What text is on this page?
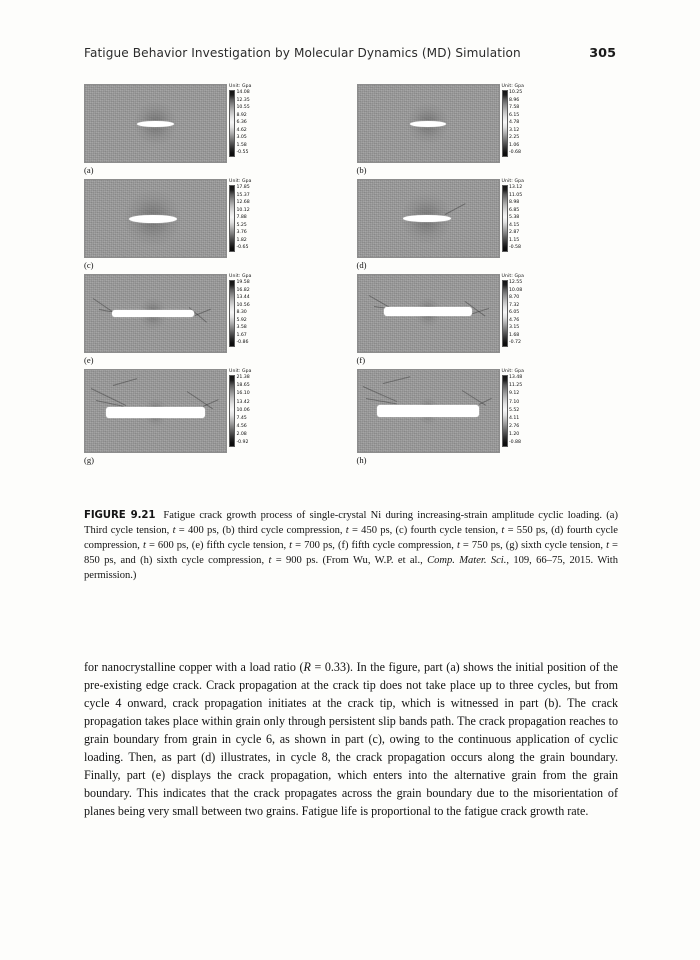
Fatigue Behavior Investigation by Molecular Dynamics (MD) Simulation	305
Unit: Gpa
14.08
12.35
10.55
8.92
6.36
4.62
3.05
1.58
-0.55
(a)
Unit: Gpa
10.25
8.96
7.58
6.15
4.78
3.12
2.25
1.06
-0.68
(b)
Unit: Gpa
17.85
15.37
12.68
10.12
7.88
5.25
3.76
1.82
-0.65
(c)
Unit: Gpa
13.12
11.05
8.98
6.85
5.38
4.15
2.87
1.15
-0.58
(d)
Unit: Gpa
19.58
16.82
13.44
10.56
8.30
5.92
3.58
1.67
-0.86
(e)
Unit: Gpa
12.55
10.08
8.70
7.32
6.05
4.76
3.15
1.68
-0.72
(f)
Unit: Gpa
21.38
18.65
16.10
13.42
10.06
7.45
4.56
2.08
-0.92
(g)
Unit: Gpa
13.48
11.25
9.12
7.10
5.52
4.11
2.76
1.20
-0.88
(h)
FIGURE 9.21 Fatigue crack growth process of single-crystal Ni during increasing-strain amplitude cyclic loading. (a) Third cycle tension, t = 400 ps, (b) third cycle compression, t = 450 ps, (c) fourth cycle tension, t = 550 ps, (d) fourth cycle compression, t = 600 ps, (e) fifth cycle tension, t = 700 ps, (f) fifth cycle compression, t = 750 ps, (g) sixth cycle tension, t = 850 ps, and (h) sixth cycle compression, t = 900 ps. (From Wu, W.P. et al., Comp. Mater. Sci., 109, 66–75, 2015. With permission.)
for nanocrystalline copper with a load ratio (R = 0.33). In the figure, part (a) shows the initial position of the pre-existing edge crack. Crack propagation at the crack tip does not take place up to three cycles, but from cycle 4 onward, crack propagation initiates at the crack tip, which is witnessed in part (b). The crack propagation takes place within grain only through persistent slip bands path. The crack propagation reaches to grain boundary from grain in cycle 6, as shown in part (c), owing to the continuous application of cyclic loading. Then, as part (d) illustrates, in cycle 8, the crack propagation occurs along the grain boundary. Finally, part (e) displays the crack propagation, which enters into the alternative grain from the grain boundary. This indicates that the crack propagates across the grain boundary due to the misorientation of planes being very small between two grains. Fatigue life is proportional to the fatigue crack growth rate.
